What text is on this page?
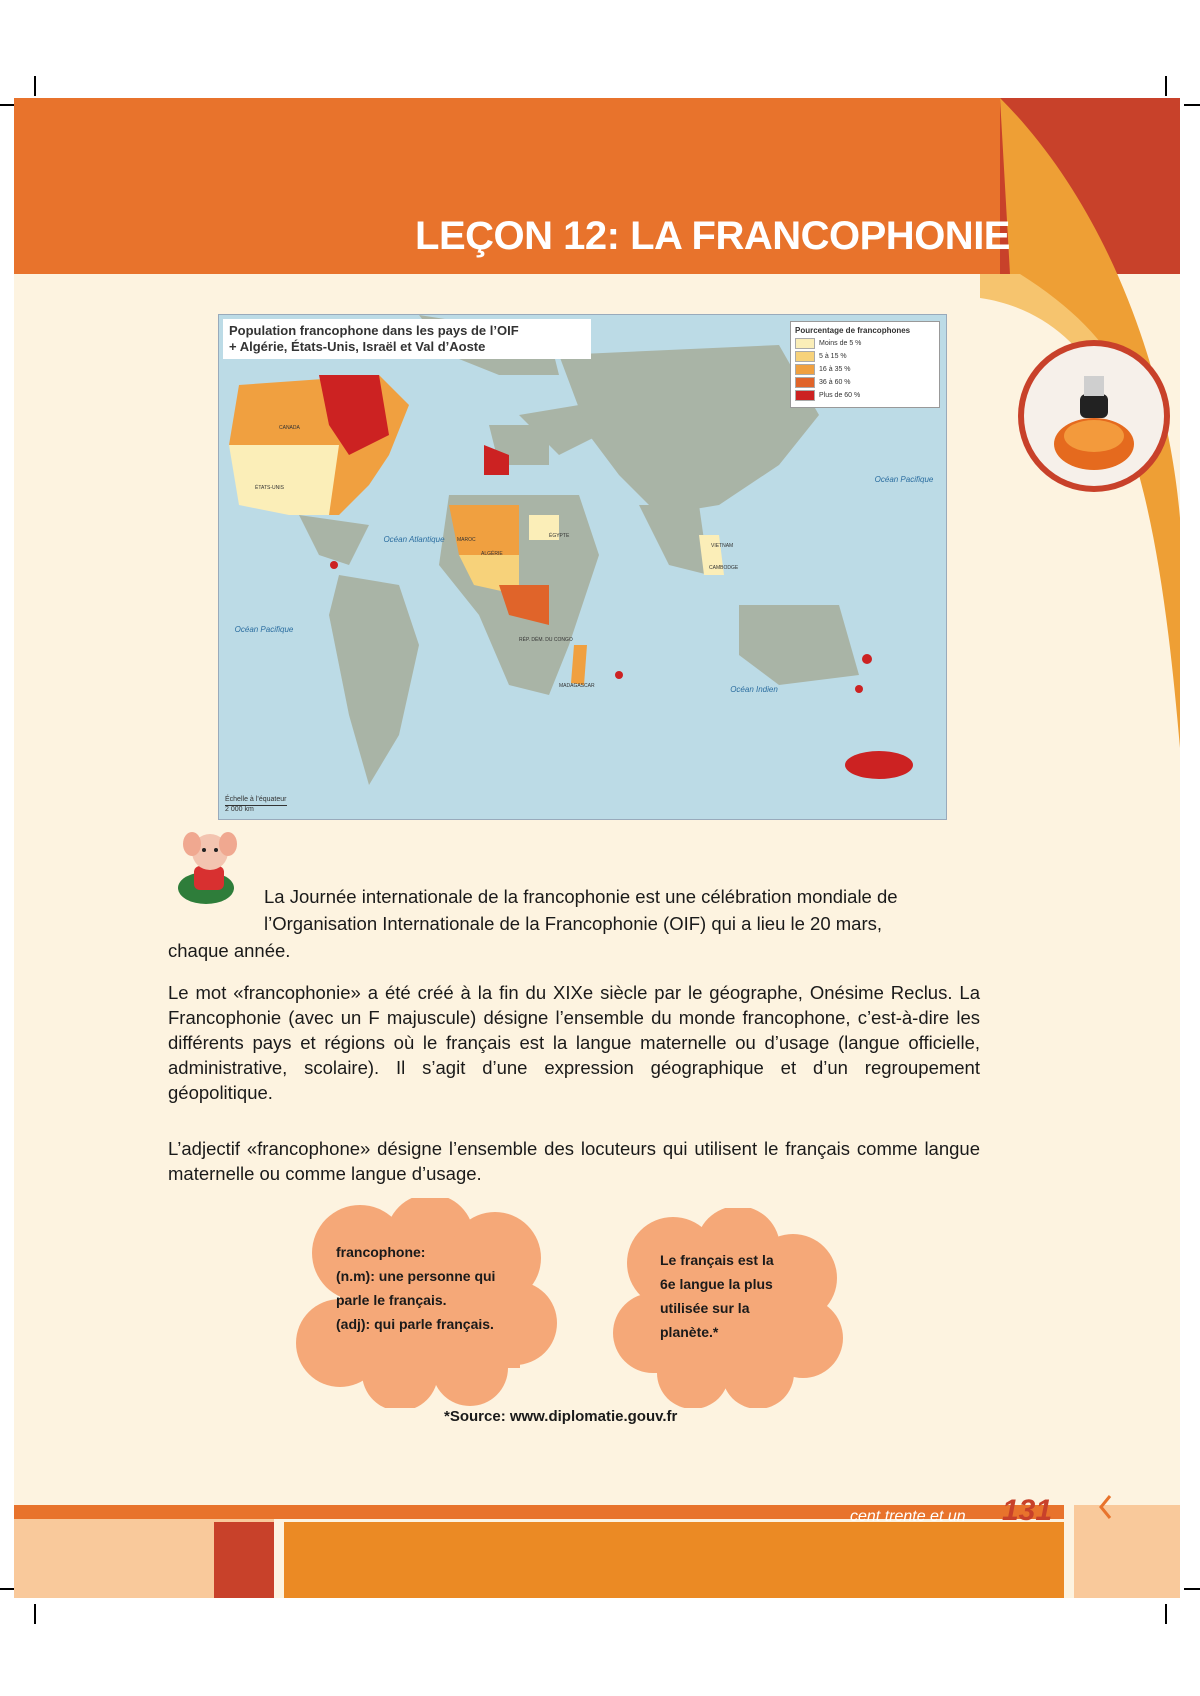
LEÇON 12: LA FRANCOPHONIE
Population francophone dans les pays de l’OIF
+ Algérie, États-Unis, Israël et Val d’Aoste
Pourcentage de francophones
Moins de 5 %
5 à 15 %
16 à 35 %
36 à 60 %
Plus de 60 %
Océan Atlantique
Océan Pacifique
Océan Pacifique
Océan Indien
CANADA
ÉTATS-UNIS
MAROC
ALGÉRIE
ÉGYPTE
RÉP. DÉM. DU CONGO
MADAGASCAR
VIETNAM
CAMBODGE
Échelle à l’équateur
2 000 km

La Journée internationale de la francophonie est une célébration mondiale de

l’Organisation Internationale de la Francophonie (OIF) qui a lieu le 20 mars,

chaque année.

Le mot «francophonie» a été créé à la fin du XIXe siècle par le géographe, Onésime Reclus. La Francophonie (avec un F majuscule) désigne l’ensemble du monde francophone, c’est-à-dire les différents pays et régions où le français est la langue maternelle ou d’usage (langue officielle, administrative, scolaire). Il s’agit d’une expression géographique et d’un regroupement géopolitique.

L’adjectif «francophone» désigne l’ensemble des locuteurs qui utilisent le français comme langue maternelle ou comme langue d’usage.

francophone:

(n.m): une personne qui

parle le français.

(adj): qui parle français.

Le français est la

6e langue la plus

utilisée sur la

planète.*

*Source: www.diplomatie.gouv.fr

cent trente et un 131
